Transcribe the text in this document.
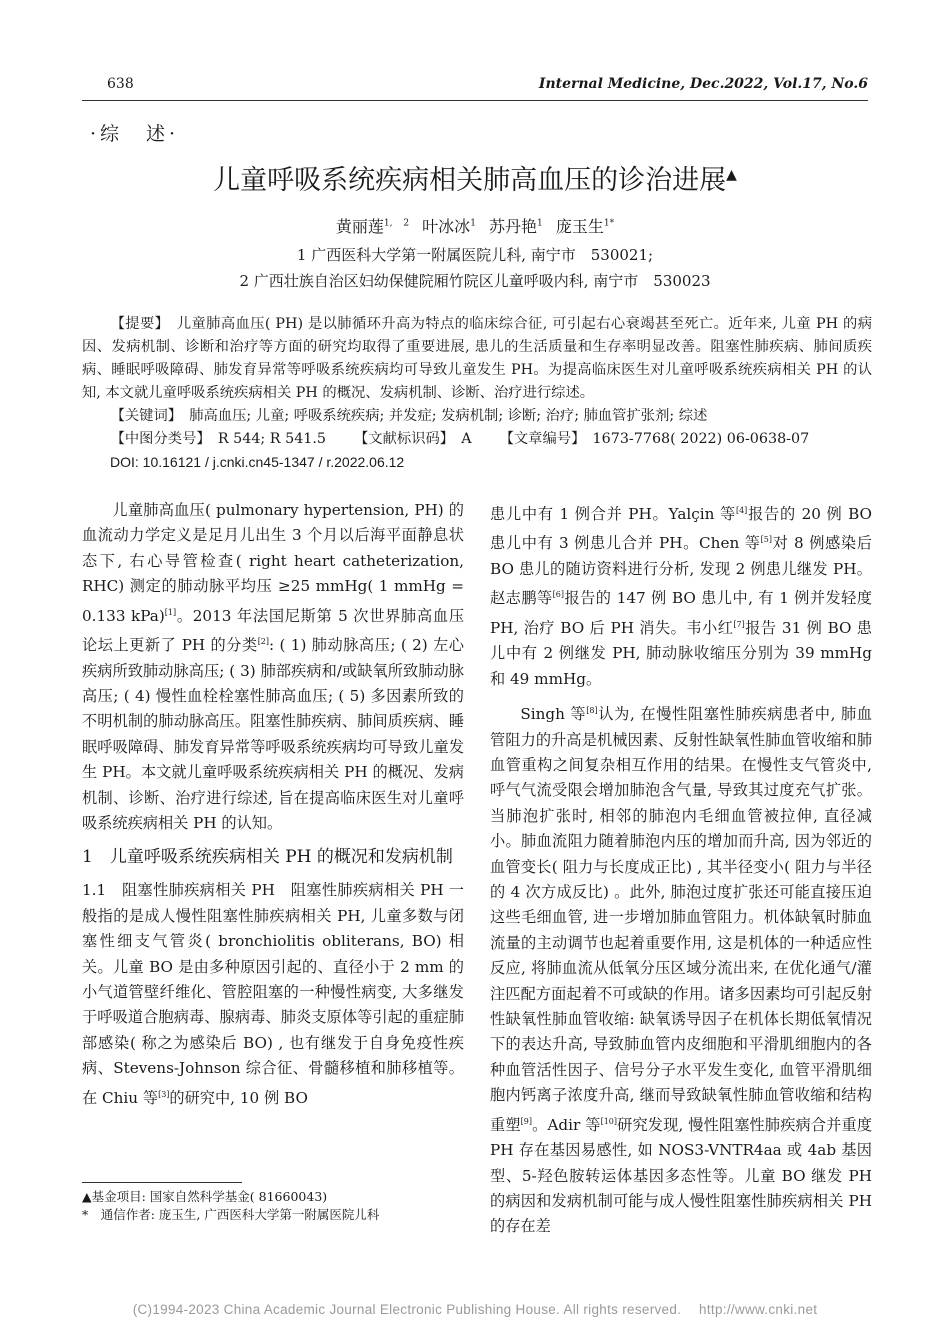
638	Internal Medicine, Dec.2022, Vol.17, No.6
·综　述·
儿童呼吸系统疾病相关肺高血压的诊治进展▲
黄丽莲$^{1, 2}$ 叶冰冰$^1$ 苏丹艳$^1$ 庞玉生$^{1*}$
1 广西医科大学第一附属医院儿科, 南宁市　530021;
2 广西壮族自治区妇幼保健院厢竹院区儿童呼吸内科, 南宁市　530023

【提要】　 儿童肺高血压( PH) 是以肺循环升高为特点的临床综合征, 可引起右心衰竭甚至死亡。近年来, 儿童 PH 的病因、发病机制、诊断和治疗等方面的研究均取得了重要进展, 患儿的生活质量和生存率明显改善。阻塞性肺疾病、肺间质疾病、睡眠呼吸障碍、肺发育异常等呼吸系统疾病均可导致儿童发生 PH。为提高临床医生对儿童呼吸系统疾病相关 PH 的认知, 本文就儿童呼吸系统疾病相关 PH 的概况、发病机制、诊断、治疗进行综述。

【关键词】　 肺高血压; 儿童; 呼吸系统疾病; 并发症; 发病机制; 诊断; 治疗; 肺血管扩张剂; 综述

【中图分类号】　 R 544; R 541.5 【文献标识码】　 A 【文章编号】　 1673-7768( 2022) 06-0638-07

DOI: 10.16121 / j.cnki.cn45-1347 / r.2022.06.12

儿童肺高血压( pulmonary hypertension, PH) 的血流动力学定义是足月儿出生 3 个月以后海平面静息状态下, 右心导管检查( right heart catheterization, RHC) 测定的肺动脉平均压 ≥25 mmHg( 1 mmHg = 0.133 kPa)[1]。2013 年法国尼斯第 5 次世界肺高血压论坛上更新了 PH 的分类[2]: ( 1) 肺动脉高压; ( 2) 左心疾病所致肺动脉高压; ( 3) 肺部疾病和/或缺氧所致肺动脉高压; ( 4) 慢性血栓栓塞性肺高血压; ( 5) 多因素所致的不明机制的肺动脉高压。阻塞性肺疾病、肺间质疾病、睡眠呼吸障碍、肺发育异常等呼吸系统疾病均可导致儿童发生 PH。本文就儿童呼吸系统疾病相关 PH 的概况、发病机制、诊断、治疗进行综述, 旨在提高临床医生对儿童呼吸系统疾病相关 PH 的认知。

1　儿童呼吸系统疾病相关 PH 的概况和发病机制

1.1　阻塞性肺疾病相关 PH　 阻塞性肺疾病相关 PH 一般指的是成人慢性阻塞性肺疾病相关 PH, 儿童多数与闭塞性细支气管炎( bronchiolitis obliterans, BO) 相关。儿童 BO 是由多种原因引起的、直径小于 2 mm 的小气道管壁纤维化、管腔阻塞的一种慢性病变, 大多继发于呼吸道合胞病毒、腺病毒、肺炎支原体等引起的重症肺部感染( 称之为感染后 BO) , 也有继发于自身免疫性疾病、Stevens-Johnson 综合征、骨髓移植和肺移植等。在 Chiu 等[3]的研究中, 10 例 BO

患儿中有 1 例合并 PH。Yalçin 等[4]报告的 20 例 BO 患儿中有 3 例患儿合并 PH。Chen 等[5]对 8 例感染后 BO 患儿的随访资料进行分析, 发现 2 例患儿继发 PH。赵志鹏等[6]报告的 147 例 BO 患儿中, 有 1 例并发轻度 PH, 治疗 BO 后 PH 消失。韦小红[7]报告 31 例 BO 患儿中有 2 例继发 PH, 肺动脉收缩压分别为 39 mmHg 和 49 mmHg。

Singh 等[8]认为, 在慢性阻塞性肺疾病患者中, 肺血管阻力的升高是机械因素、反射性缺氧性肺血管收缩和肺血管重构之间复杂相互作用的结果。在慢性支气管炎中, 呼气气流受限会增加肺泡含气量, 导致其过度充气扩张。当肺泡扩张时, 相邻的肺泡内毛细血管被拉伸, 直径减小。肺血流阻力随着肺泡内压的增加而升高, 因为邻近的血管变长( 阻力与长度成正比) , 其半径变小( 阻力与半径的 4 次方成反比) 。此外, 肺泡过度扩张还可能直接压迫这些毛细血管, 进一步增加肺血管阻力。机体缺氧时肺血流量的主动调节也起着重要作用, 这是机体的一种适应性反应, 将肺血流从低氧分压区域分流出来, 在优化通气/灌注匹配方面起着不可或缺的作用。诸多因素均可引起反射性缺氧性肺血管收缩: 缺氧诱导因子在机体长期低氧情况下的表达升高, 导致肺血管内皮细胞和平滑肌细胞内的各种血管活性因子、信号分子水平发生变化, 血管平滑肌细胞内钙离子浓度升高, 继而导致缺氧性肺血管收缩和结构重塑[9]。Adir 等[10]研究发现, 慢性阻塞性肺疾病合并重度 PH 存在基因易感性, 如 NOS3-VNTR4aa 或 4ab 基因型、5-羟色胺转运体基因多态性等。儿童 BO 继发 PH 的病因和发病机制可能与成人慢性阻塞性肺疾病相关 PH 的存在差

▲基金项目: 国家自然科学基金( 81660043)
*　通信作者: 庞玉生, 广西医科大学第一附属医院儿科
(C)1994-2023 China Academic Journal Electronic Publishing House. All rights reserved.　 http://www.cnki.net
